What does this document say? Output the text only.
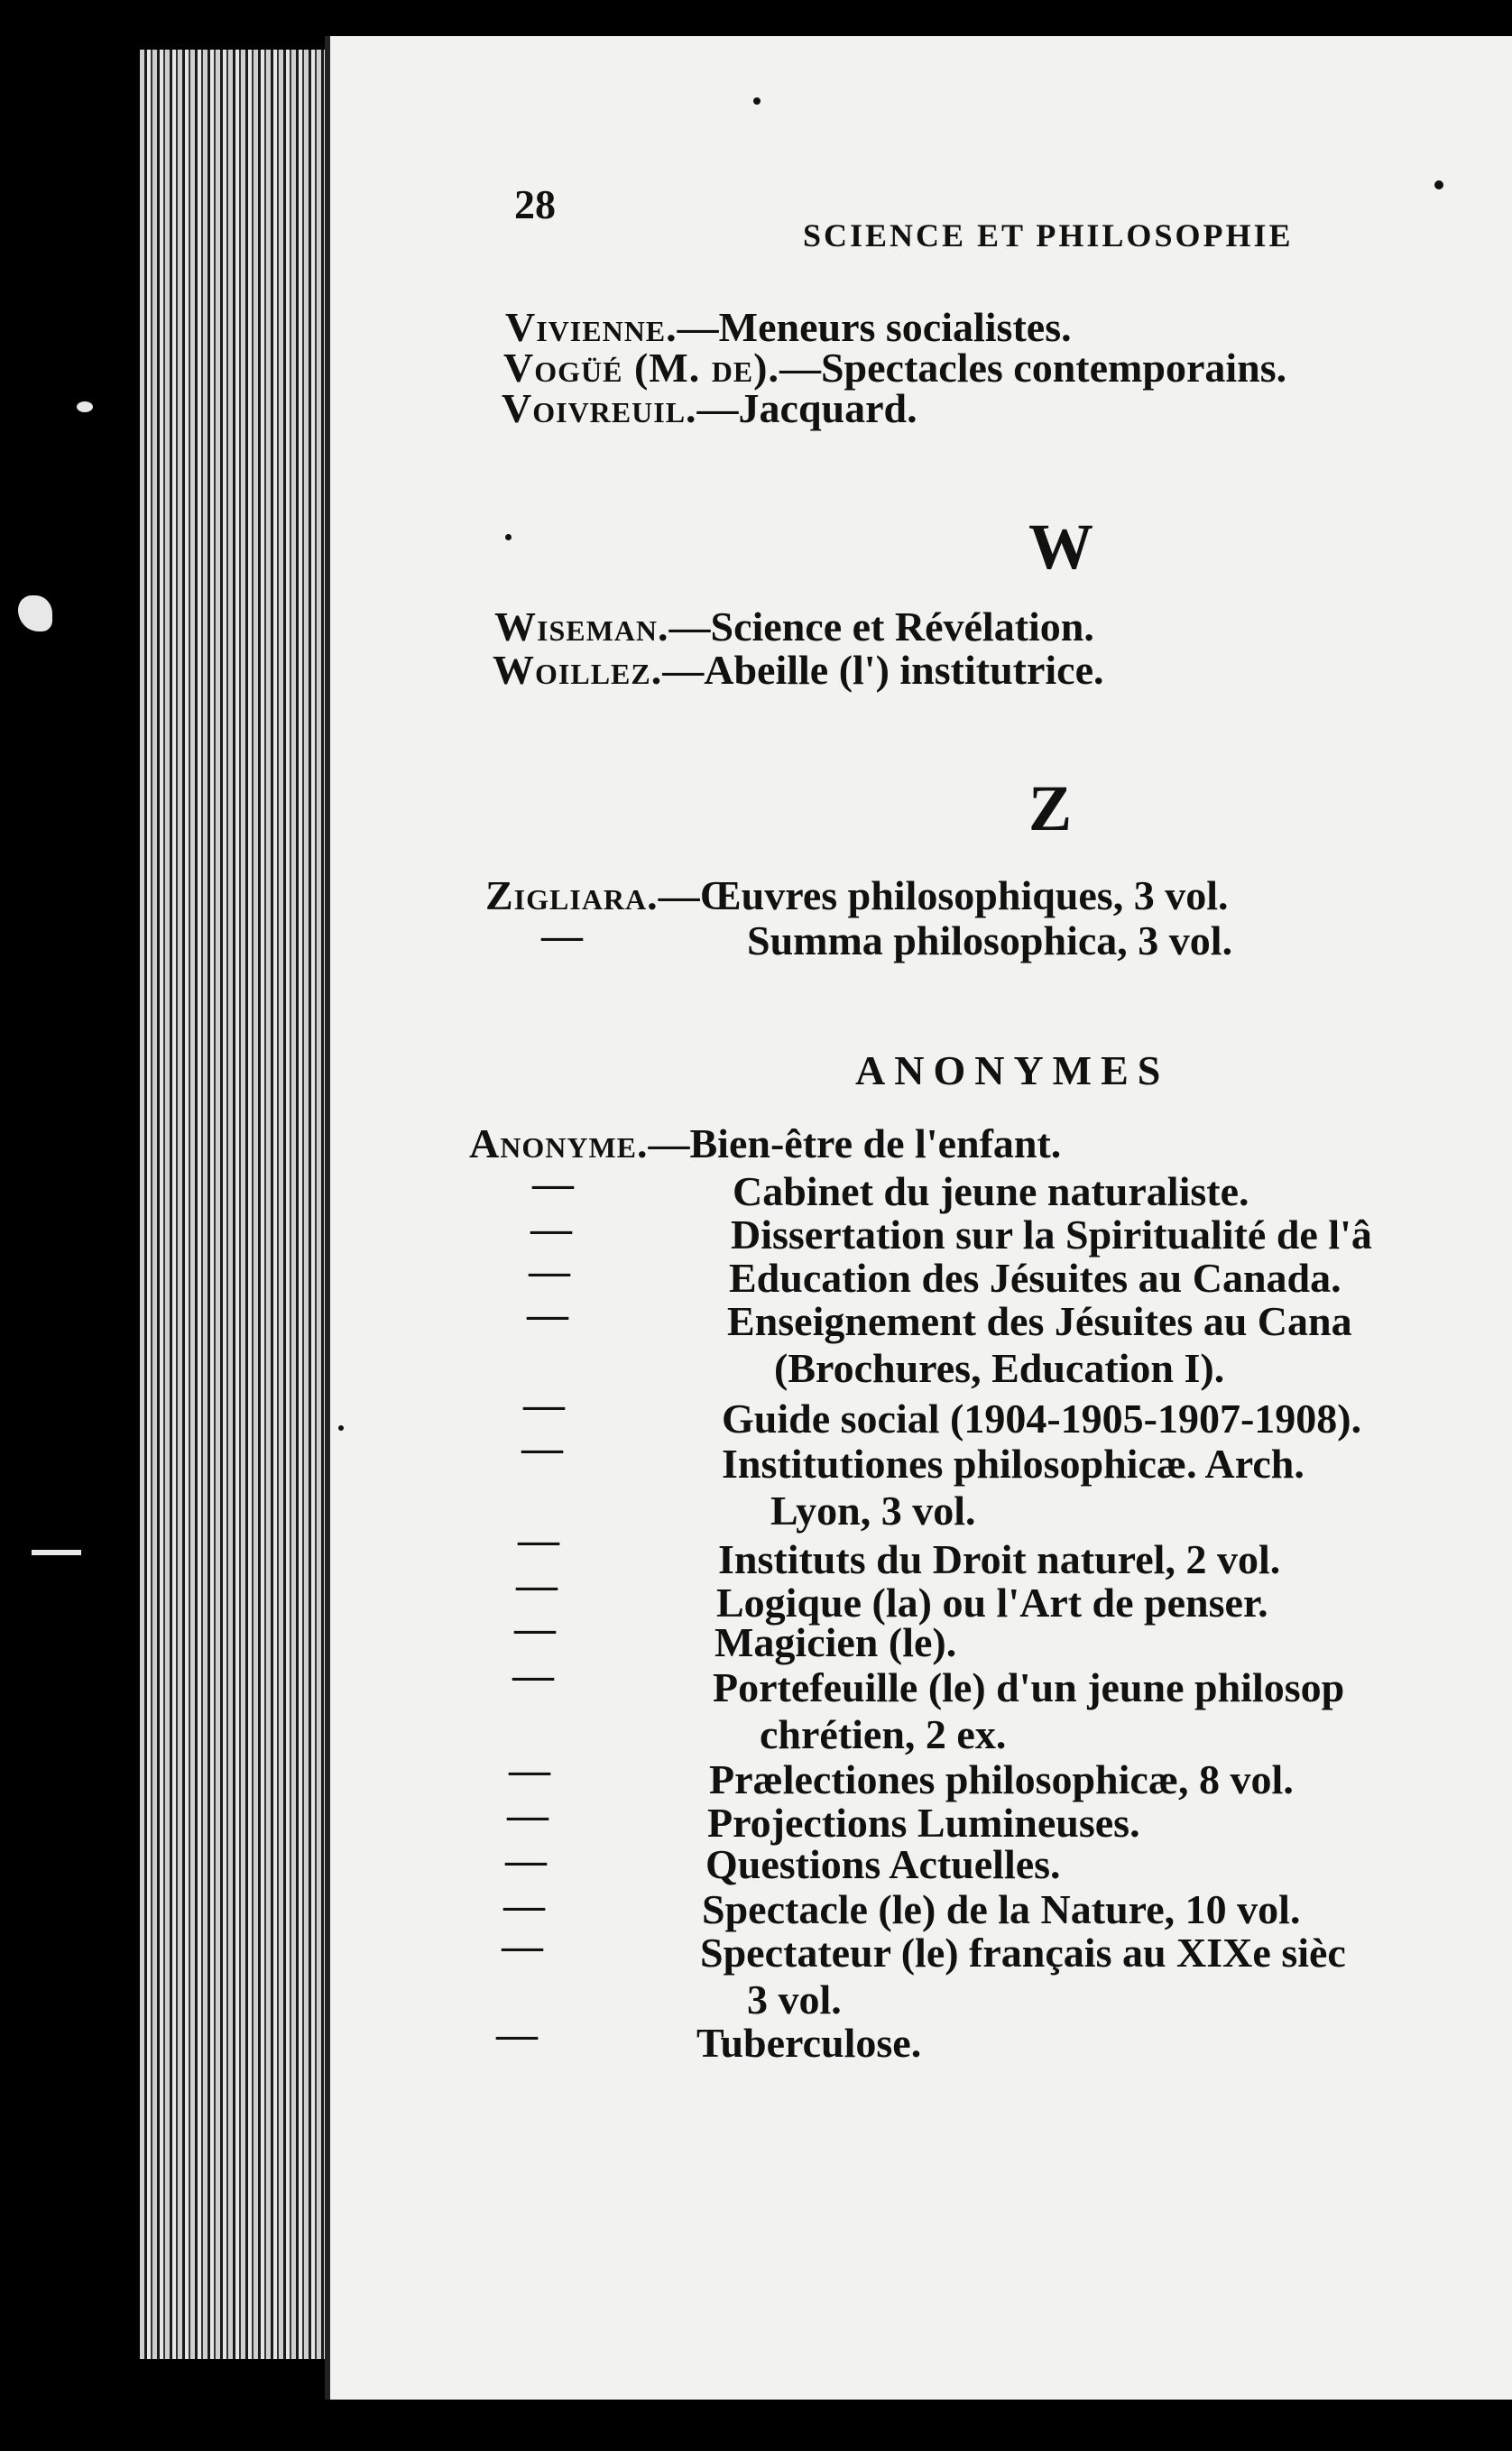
28
SCIENCE ET PHILOSOPHIE
Vivienne.—Meneurs socialistes.
Vogüé (M. de).—Spectacles contemporains.
Voivreuil.—Jacquard.
W
Wiseman.—Science et Révélation.
Woillez.—Abeille (l') institutrice.
Z
Zigliara.—Œuvres philosophiques, 3 vol.
—	Summa philosophica, 3 vol.
ANONYMES
Anonyme.—Bien-être de l'enfant.
—	Cabinet du jeune naturaliste.
—	Dissertation sur la Spiritualité de l'â
—	Education des Jésuites au Canada.
—	Enseignement des Jésuites au Cana
(Brochures, Education I).
—	Guide social (1904-1905-1907-1908).
—	Institutiones philosophicæ. Arch.
Lyon, 3 vol.
—	Instituts du Droit naturel, 2 vol.
—	Logique (la) ou l'Art de penser.
—	Magicien (le).
—	Portefeuille (le) d'un jeune philosop
chrétien, 2 ex.
—	Prælectiones philosophicæ, 8 vol.
—	Projections Lumineuses.
—	Questions Actuelles.
—	Spectacle (le) de la Nature, 10 vol.
—	Spectateur (le) français au XIXe sièc
3 vol.
—	Tuberculose.
